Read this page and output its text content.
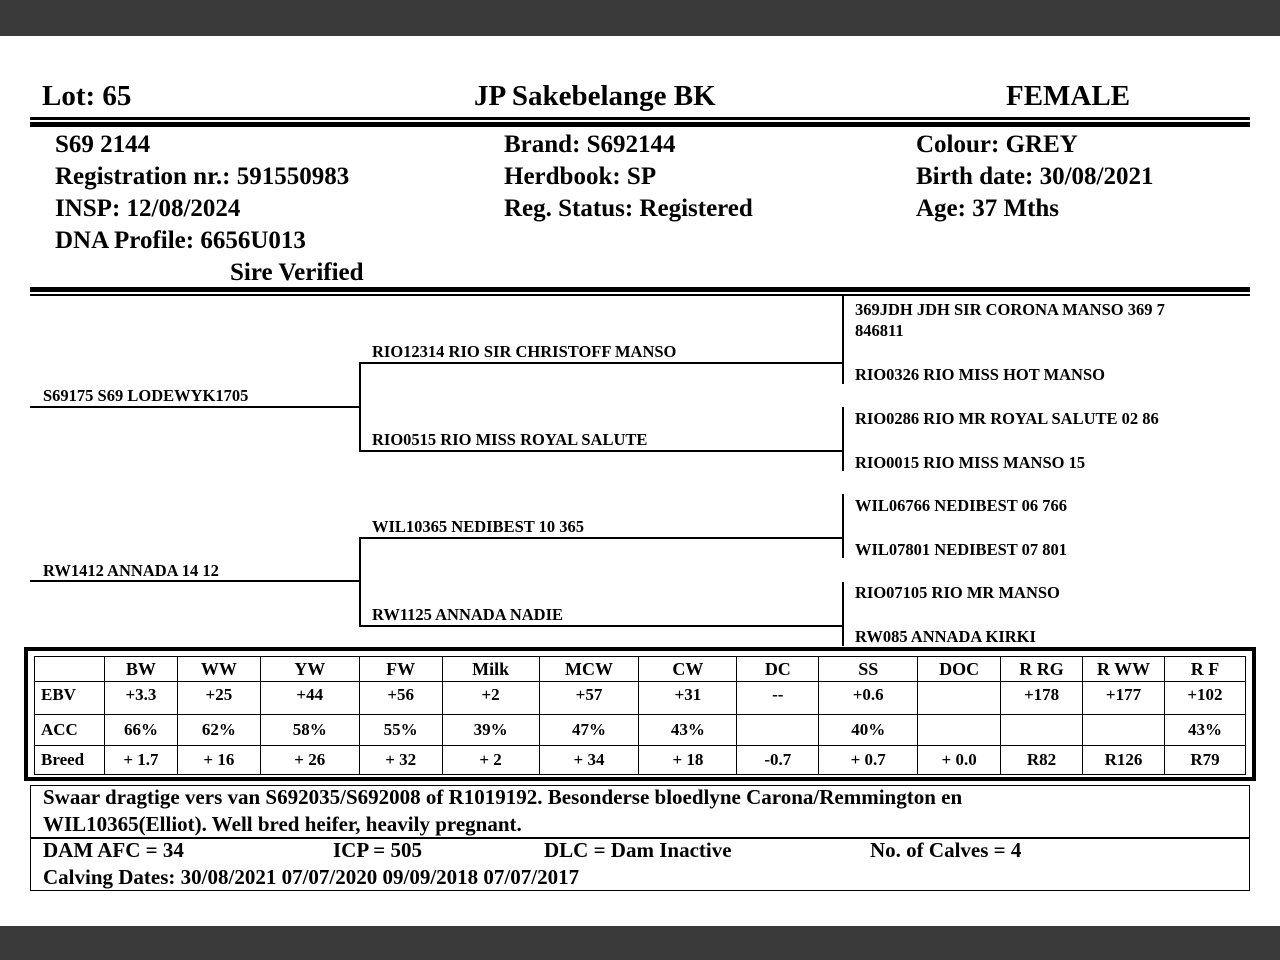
Lot: 65	JP Sakebelange BK	FEMALE
S69 2144
Registration nr.: 591550983
INSP: 12/08/2024
DNA Profile: 6656U013
Sire Verified
Brand: S692144
Herdbook: SP
Reg. Status: Registered
Colour: GREY
Birth date: 30/08/2021
Age: 37 Mths
S69175 S69 LODEWYK1705
RW1412 ANNADA 14 12
RIO12314 RIO SIR CHRISTOFF MANSO
RIO0515 RIO MISS ROYAL SALUTE
WIL10365 NEDIBEST 10 365
RW1125 ANNADA NADIE
369JDH JDH SIR CORONA MANSO 369 7
846811
RIO0326 RIO MISS HOT MANSO
RIO0286 RIO MR ROYAL SALUTE 02 86
RIO0015 RIO MISS MANSO 15
WIL06766 NEDIBEST 06 766
WIL07801 NEDIBEST 07 801
RIO07105 RIO MR MANSO
RW085 ANNADA KIRKI
	BW	WW	YW	FW	Milk	MCW	CW	DC	SS	DOC	R RG	R WW	R F
EBV	+3.3	+25	+44	+56	+2	+57	+31	--	+0.6		+178	+177	+102
ACC	66%	62%	58%	55%	39%	47%	43%		40%				43%
Breed	+ 1.7	+ 16	+ 26	+ 32	+ 2	+ 34	+ 18	-0.7	+ 0.7	+ 0.0	R82	R126	R79
Swaar dragtige vers van S692035/S692008 of R1019192. Besonderse bloedlyne Carona/Remmington en
WIL10365(Elliot). Well bred heifer, heavily pregnant.
DAM AFC = 34	ICP = 505	DLC = Dam Inactive	No. of Calves = 4
Calving Dates: 30/08/2021 07/07/2020 09/09/2018 07/07/2017
